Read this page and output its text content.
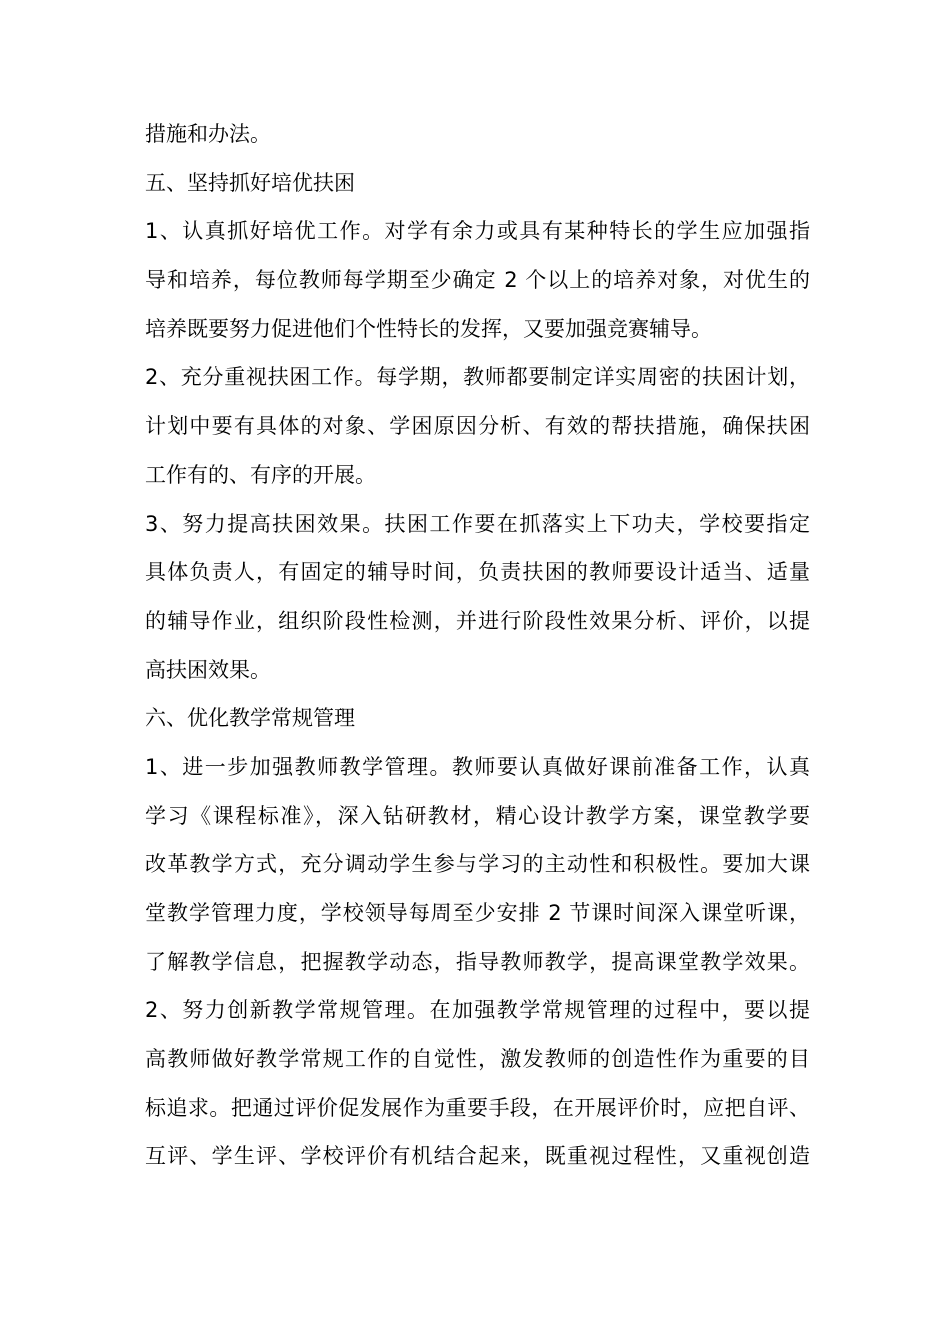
措施和办法。
五、坚持抓好培优扶困
1、认真抓好培优工作。对学有余力或具有某种特长的学生应加强指
导和培养，每位教师每学期至少确定 2 个以上的培养对象，对优生的
培养既要努力促进他们个性特长的发挥，又要加强竞赛辅导。
2、充分重视扶困工作。每学期，教师都要制定详实周密的扶困计划，
计划中要有具体的对象、学困原因分析、有效的帮扶措施，确保扶困
工作有的、有序的开展。
3、努力提高扶困效果。扶困工作要在抓落实上下功夫，学校要指定
具体负责人，有固定的辅导时间，负责扶困的教师要设计适当、适量
的辅导作业，组织阶段性检测，并进行阶段性效果分析、评价，以提
高扶困效果。
六、优化教学常规管理
1、进一步加强教师教学管理。教师要认真做好课前准备工作，认真
学习《课程标准》，深入钻研教材，精心设计教学方案，课堂教学要
改革教学方式，充分调动学生参与学习的主动性和积极性。要加大课
堂教学管理力度，学校领导每周至少安排 2 节课时间深入课堂听课，
了解教学信息，把握教学动态，指导教师教学，提高课堂教学效果。
2、努力创新教学常规管理。在加强教学常规管理的过程中，要以提
高教师做好教学常规工作的自觉性，激发教师的创造性作为重要的目
标追求。把通过评价促发展作为重要手段，在开展评价时，应把自评、
互评、学生评、学校评价有机结合起来，既重视过程性，又重视创造
